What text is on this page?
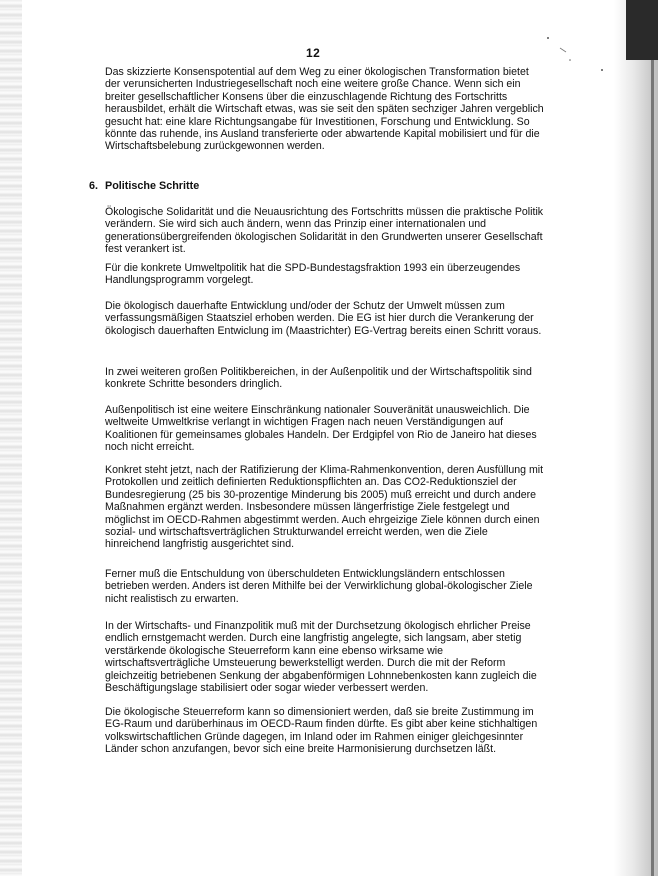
12
Das skizzierte Konsenspotential auf dem Weg zu einer ökologischen Transformation bietet der verunsicherten Industriegesellschaft noch eine weitere große Chance. Wenn sich ein breiter gesellschaftlicher Konsens über die einzuschlagende Richtung des Fortschritts herausbildet, erhält die Wirtschaft etwas, was sie seit den späten sechziger Jahren vergeblich gesucht hat: eine klare Richtungsangabe für Investitionen, Forschung und Entwicklung. So könnte das ruhende, ins Ausland transferierte oder abwartende Kapital mobilisiert und für die Wirtschaftsbelebung zurückgewonnen werden.
6. Politische Schritte
Ökologische Solidarität und die Neuausrichtung des Fortschritts müssen die praktische Politik verändern. Sie wird sich auch ändern, wenn das Prinzip einer internationalen und generationsübergreifenden ökologischen Solidarität in den Grundwerten unserer Gesellschaft fest verankert ist.
Für die konkrete Umweltpolitik hat die SPD-Bundestagsfraktion 1993 ein überzeugendes Handlungsprogramm vorgelegt.
Die ökologisch dauerhafte Entwicklung und/oder der Schutz der Umwelt müssen zum verfassungsmäßigen Staatsziel erhoben werden. Die EG ist hier durch die Verankerung der ökologisch dauerhaften Entwiclung im (Maastrichter) EG-Vertrag bereits einen Schritt voraus.
In zwei weiteren großen Politikbereichen, in der Außenpolitik und der Wirtschaftspolitik sind konkrete Schritte besonders dringlich.
Außenpolitisch ist eine weitere Einschränkung nationaler Souveränität unausweichlich. Die weltweite Umweltkrise verlangt in wichtigen Fragen nach neuen Verständigungen auf Koalitionen für gemeinsames globales Handeln. Der Erdgipfel von Rio de Janeiro hat dieses noch nicht erreicht.
Konkret steht jetzt, nach der Ratifizierung der Klima-Rahmenkonvention, deren Ausfüllung mit Protokollen und zeitlich definierten Reduktionspflichten an. Das CO2-Reduktionsziel der Bundesregierung (25 bis 30-prozentige Minderung bis 2005) muß erreicht und durch andere Maßnahmen ergänzt werden. Insbesondere müssen längerfristige Ziele festgelegt und möglichst im OECD-Rahmen abgestimmt werden. Auch ehrgeizige Ziele können durch einen sozial- und wirtschaftsverträglichen Strukturwandel erreicht werden, wen die Ziele hinreichend langfristig ausgerichtet sind.
Ferner muß die Entschuldung von überschuldeten Entwicklungsländern entschlossen betrieben werden. Anders ist deren Mithilfe bei der Verwirklichung global-ökologischer Ziele nicht realistisch zu erwarten.
In der Wirtschafts- und Finanzpolitik muß mit der Durchsetzung ökologisch ehrlicher Preise endlich ernstgemacht werden. Durch eine langfristig angelegte, sich langsam, aber stetig verstärkende ökologische Steuerreform kann eine ebenso wirksame wie wirtschaftsverträgliche Umsteuerung bewerkstelligt werden. Durch die mit der Reform gleichzeitig betriebenen Senkung der abgabenförmigen Lohnnebenkosten kann zugleich die Beschäftigungslage stabilisiert oder sogar wieder verbessert werden.
Die ökologische Steuerreform kann so dimensioniert werden, daß sie breite Zustimmung im EG-Raum und darüberhinaus im OECD-Raum finden dürfte. Es gibt aber keine stichhaltigen volkswirtschaftlichen Gründe dagegen, im Inland oder im Rahmen einiger gleichgesinnter Länder schon anzufangen, bevor sich eine breite Harmonisierung durchsetzen läßt.
